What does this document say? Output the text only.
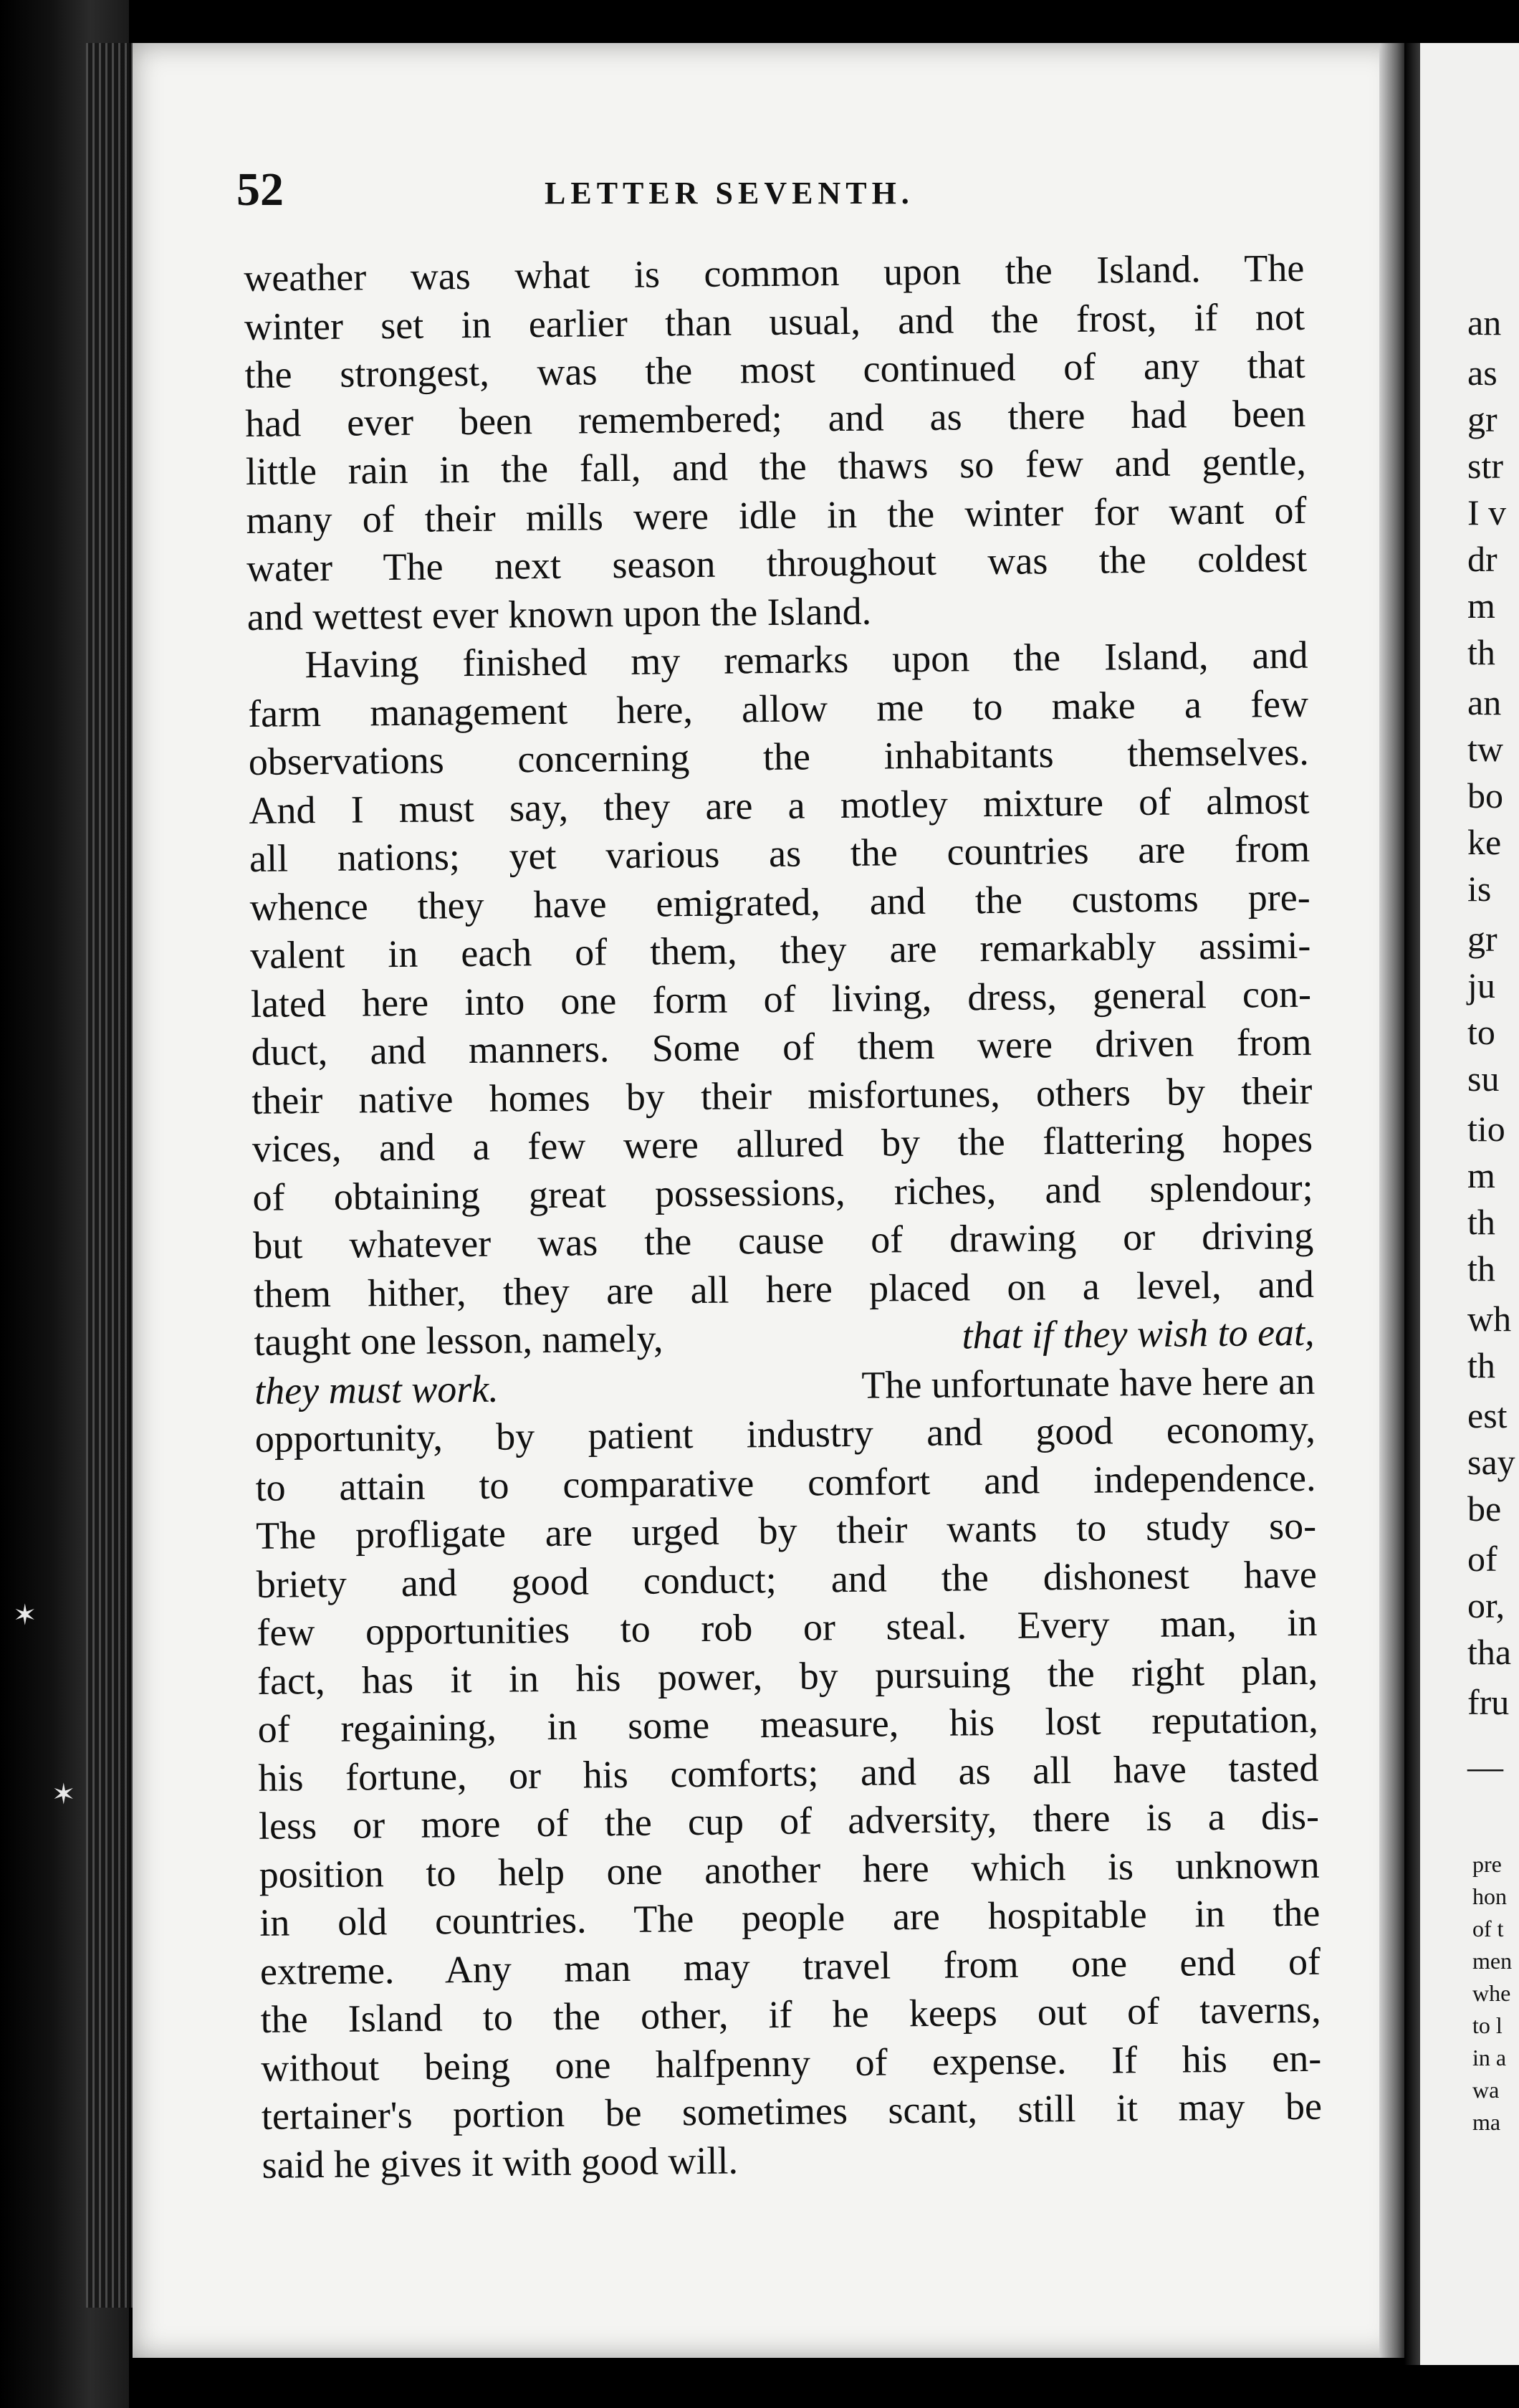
✶
✶
52	LETTER SEVENTH.
weather was what is common upon the Island. The
winter set in earlier than usual, and the frost, if not
the strongest, was the most continued of any that
had ever been remembered; and as there had been
little rain in the fall, and the thaws so few and gentle,
many of their mills were idle in the winter for want of
water The next season throughout was the coldest
and wettest ever known upon the Island.
Having finished my remarks upon the Island, and
farm management here, allow me to make a few
observations concerning the inhabitants themselves.
And I must say, they are a motley mixture of almost
all nations; yet various as the countries are from
whence they have emigrated, and the customs pre-
valent in each of them, they are remarkably assimi-
lated here into one form of living, dress, general con-
duct, and manners. Some of them were driven from
their native homes by their misfortunes, others by their
vices, and a few were allured by the flattering hopes
of obtaining great possessions, riches, and splendour;
but whatever was the cause of drawing or driving
them hither, they are all here placed on a level, and
taught one lesson, namely,	that if they wish to eat,
they must work.	The unfortunate have here an
opportunity, by patient industry and good economy,
to attain to comparative comfort and independence.
The profligate are urged by their wants to study so-
briety and good conduct; and the dishonest have
few opportunities to rob or steal. Every man, in
fact, has it in his power, by pursuing the right plan,
of regaining, in some measure, his lost reputation,
his fortune, or his comforts; and as all have tasted
less or more of the cup of adversity, there is a dis-
position to help one another here which is unknown
in old countries. The people are hospitable in the
extreme. Any man may travel from one end of
the Island to the other, if he keeps out of taverns,
without being one halfpenny of expense. If his en-
tertainer's portion be sometimes scant, still it may be
said he gives it with good will.
an
as
gr
str
I v
dr
m
th
an
tw
bo
ke
is
gr
ju
to
su
tio
m
th
th
wh
th
est
say
be
of
or,
tha
fru
—
pre
hon
of t
men
whe
to l
in a
wa
ma
